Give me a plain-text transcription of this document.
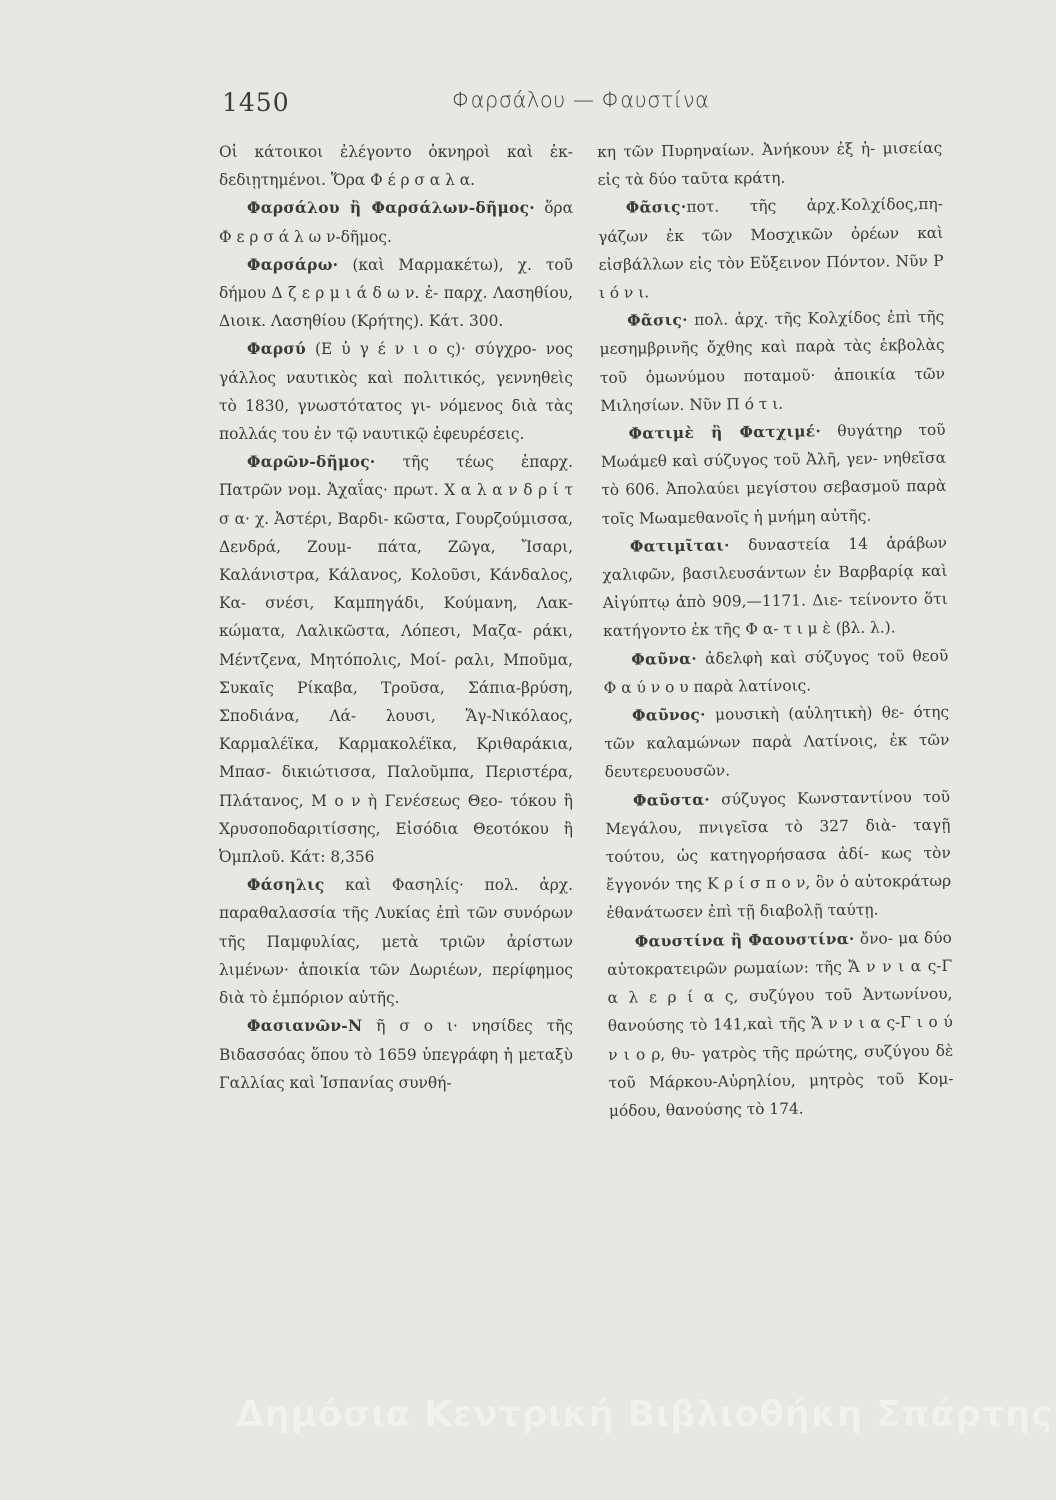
1450	Φαρσάλου — Φαυστίνα

Οἱ κάτοικοι ἐλέγοντο ὀκνηροὶ καὶ ἐκ- δεδιῃτημένοι. Ὅρα Φ έ ρ σ α λ α.

Φαρσάλου ἢ Φαρσάλων-δῆμος· ὅρα Φ ε ρ σ ά λ ω ν-δῆμος.

Φαρσάρω· (καὶ Μαρμακέτω), χ. τοῦ δήμου Δ ζ ε ρ μ ι ά δ ω ν. ἐ- παρχ. Λασηθίου, Διοικ. Λασηθίου (Κρήτης). Κάτ. 300.

Φαρσύ (Ε ὐ γ έ ν ι ο ς)· σύγχρο- νος γάλλος ναυτικὸς καὶ πολιτικός, γεννηθεὶς τὸ 1830, γνωστότατος γι- νόμενος διὰ τὰς πολλάς του ἐν τῷ ναυτικῷ ἐφευρέσεις.

Φαρῶν-δῆμος· τῆς τέως ἐπαρχ. Πατρῶν νομ. Ἀχαΐας· πρωτ. Χ α λ α ν δ ρ ί τ σ α· χ. Ἀστέρι, Βαρδι- κῶστα, Γουρζούμισσα, Δενδρά, Ζουμ- πάτα, Ζῶγα, Ἴσαρι, Καλάνιστρα, Κάλανος, Κολοῦσι, Κάνδαλος, Κα- σνέσι, Καμπηγάδι, Κούμανη, Λακ- κώματα, Λαλικῶστα, Λόπεσι, Μαζα- ράκι, Μέντζενα, Μητόπολις, Μοί- ραλι, Μποῦμα, Συκαῖς Ρίκαβα, Τροῦσα, Σάπια-βρύση, Σποδιάνα, Λά- λουσι, Ἅγ-Νικόλαος, Καρμαλέϊκα, Καρμακολέϊκα, Κριθαράκια, Μπασ- δικιώτισσα, Παλοῦμπα, Περιστέρα, Πλάτανος, Μ ο ν ὴ Γενέσεως Θεο- τόκου ἢ Χρυσοποδαριτίσσης, Εἰσόδια Θεοτόκου ἢ Ὀμπλοῦ. Κάτ: 8,356

Φάσηλις καὶ Φασηλίς· πολ. ἀρχ. παραθαλασσία τῆς Λυκίας ἐπὶ τῶν συνόρων τῆς Παμφυλίας, μετὰ τριῶν ἀρίστων λιμένων· ἀποικία τῶν Δωριέων, περίφημος διὰ τὸ ἐμπόριον αὐτῆς.

Φασιανῶν-Ν ῆ σ ο ι· νησίδες τῆς Βιδασσόας ὅπου τὸ 1659 ὑπεγράφη ἡ μεταξὺ Γαλλίας καὶ Ἱσπανίας συνθή-

κη τῶν Πυρηναίων. Ἀνήκουν ἐξ ἡ- μισείας εἰς τὰ δύο ταῦτα κράτη.

Φᾶσις·ποτ. τῆς ἀρχ.Κολχίδος,πη- γάζων ἐκ τῶν Μοσχικῶν ὀρέων καὶ εἰσβάλλων εἰς τὸν Εὔξεινον Πόντον. Νῦν Ρ ι ό ν ι.

Φᾶσις· πολ. ἀρχ. τῆς Κολχίδος ἐπὶ τῆς μεσημβρινῆς ὄχθης καὶ παρὰ τὰς ἐκβολὰς τοῦ ὁμωνύμου ποταμοῦ· ἀποικία τῶν Μιλησίων. Νῦν Π ό τ ι.

Φατιμὲ ἢ Φατχιμέ· θυγάτηρ τοῦ Μωάμεθ καὶ σύζυγος τοῦ Ἀλῆ, γεν- νηθεῖσα τὸ 606. Ἀπολαύει μεγίστου σεβασμοῦ παρὰ τοῖς Μωαμεθανοῖς ἡ μνήμη αὐτῆς.

Φατιμῖται· δυναστεία 14 ἀράβων χαλιφῶν, βασιλευσάντων ἐν Βαρβαρίᾳ καὶ Αἰγύπτῳ ἀπὸ 909,—1171. Διε- τείνοντο ὅτι κατήγοντο ἐκ τῆς Φ α- τ ι μ ὲ (βλ. λ.).

Φαῦνα· ἀδελφὴ καὶ σύζυγος τοῦ θεοῦ Φ α ύ ν ο υ παρὰ λατίνοις.

Φαῦνος· μουσικὴ (αὐλητικὴ) θε- ότης τῶν καλαμώνων παρὰ Λατίνοις, ἐκ τῶν δευτερευουσῶν.

Φαῦστα· σύζυγος Κωνσταντίνου τοῦ Μεγάλου, πνιγεῖσα τὸ 327 διὰ- ταγῇ τούτου, ὡς κατηγορήσασα ἀδί- κως τὸν ἔγγονόν της Κ ρ ί σ π ο ν, ὃν ὁ αὐτοκράτωρ ἐθανάτωσεν ἐπὶ τῇ διαβολῇ ταύτῃ.

Φαυστίνα ἢ Φαουστίνα· ὄνο- μα δύο αὐτοκρατειρῶν ρωμαίων: τῆς Ἄ ν ν ι α ς-Γ α λ ε ρ ί α ς, συζύγου τοῦ Ἀντωνίνου, θανούσης τὸ 141,καὶ τῆς Ἄ ν ν ι α ς-Γ ι ο ύ ν ι ο ρ, θυ- γατρὸς τῆς πρώτης, συζύγου δὲ τοῦ Μάρκου-Αὐρηλίου, μητρὸς τοῦ Κομ- μόδου, θανούσης τὸ 174.

Δημόσια Κεντρική Βιβλιοθήκη Σπάρτης
